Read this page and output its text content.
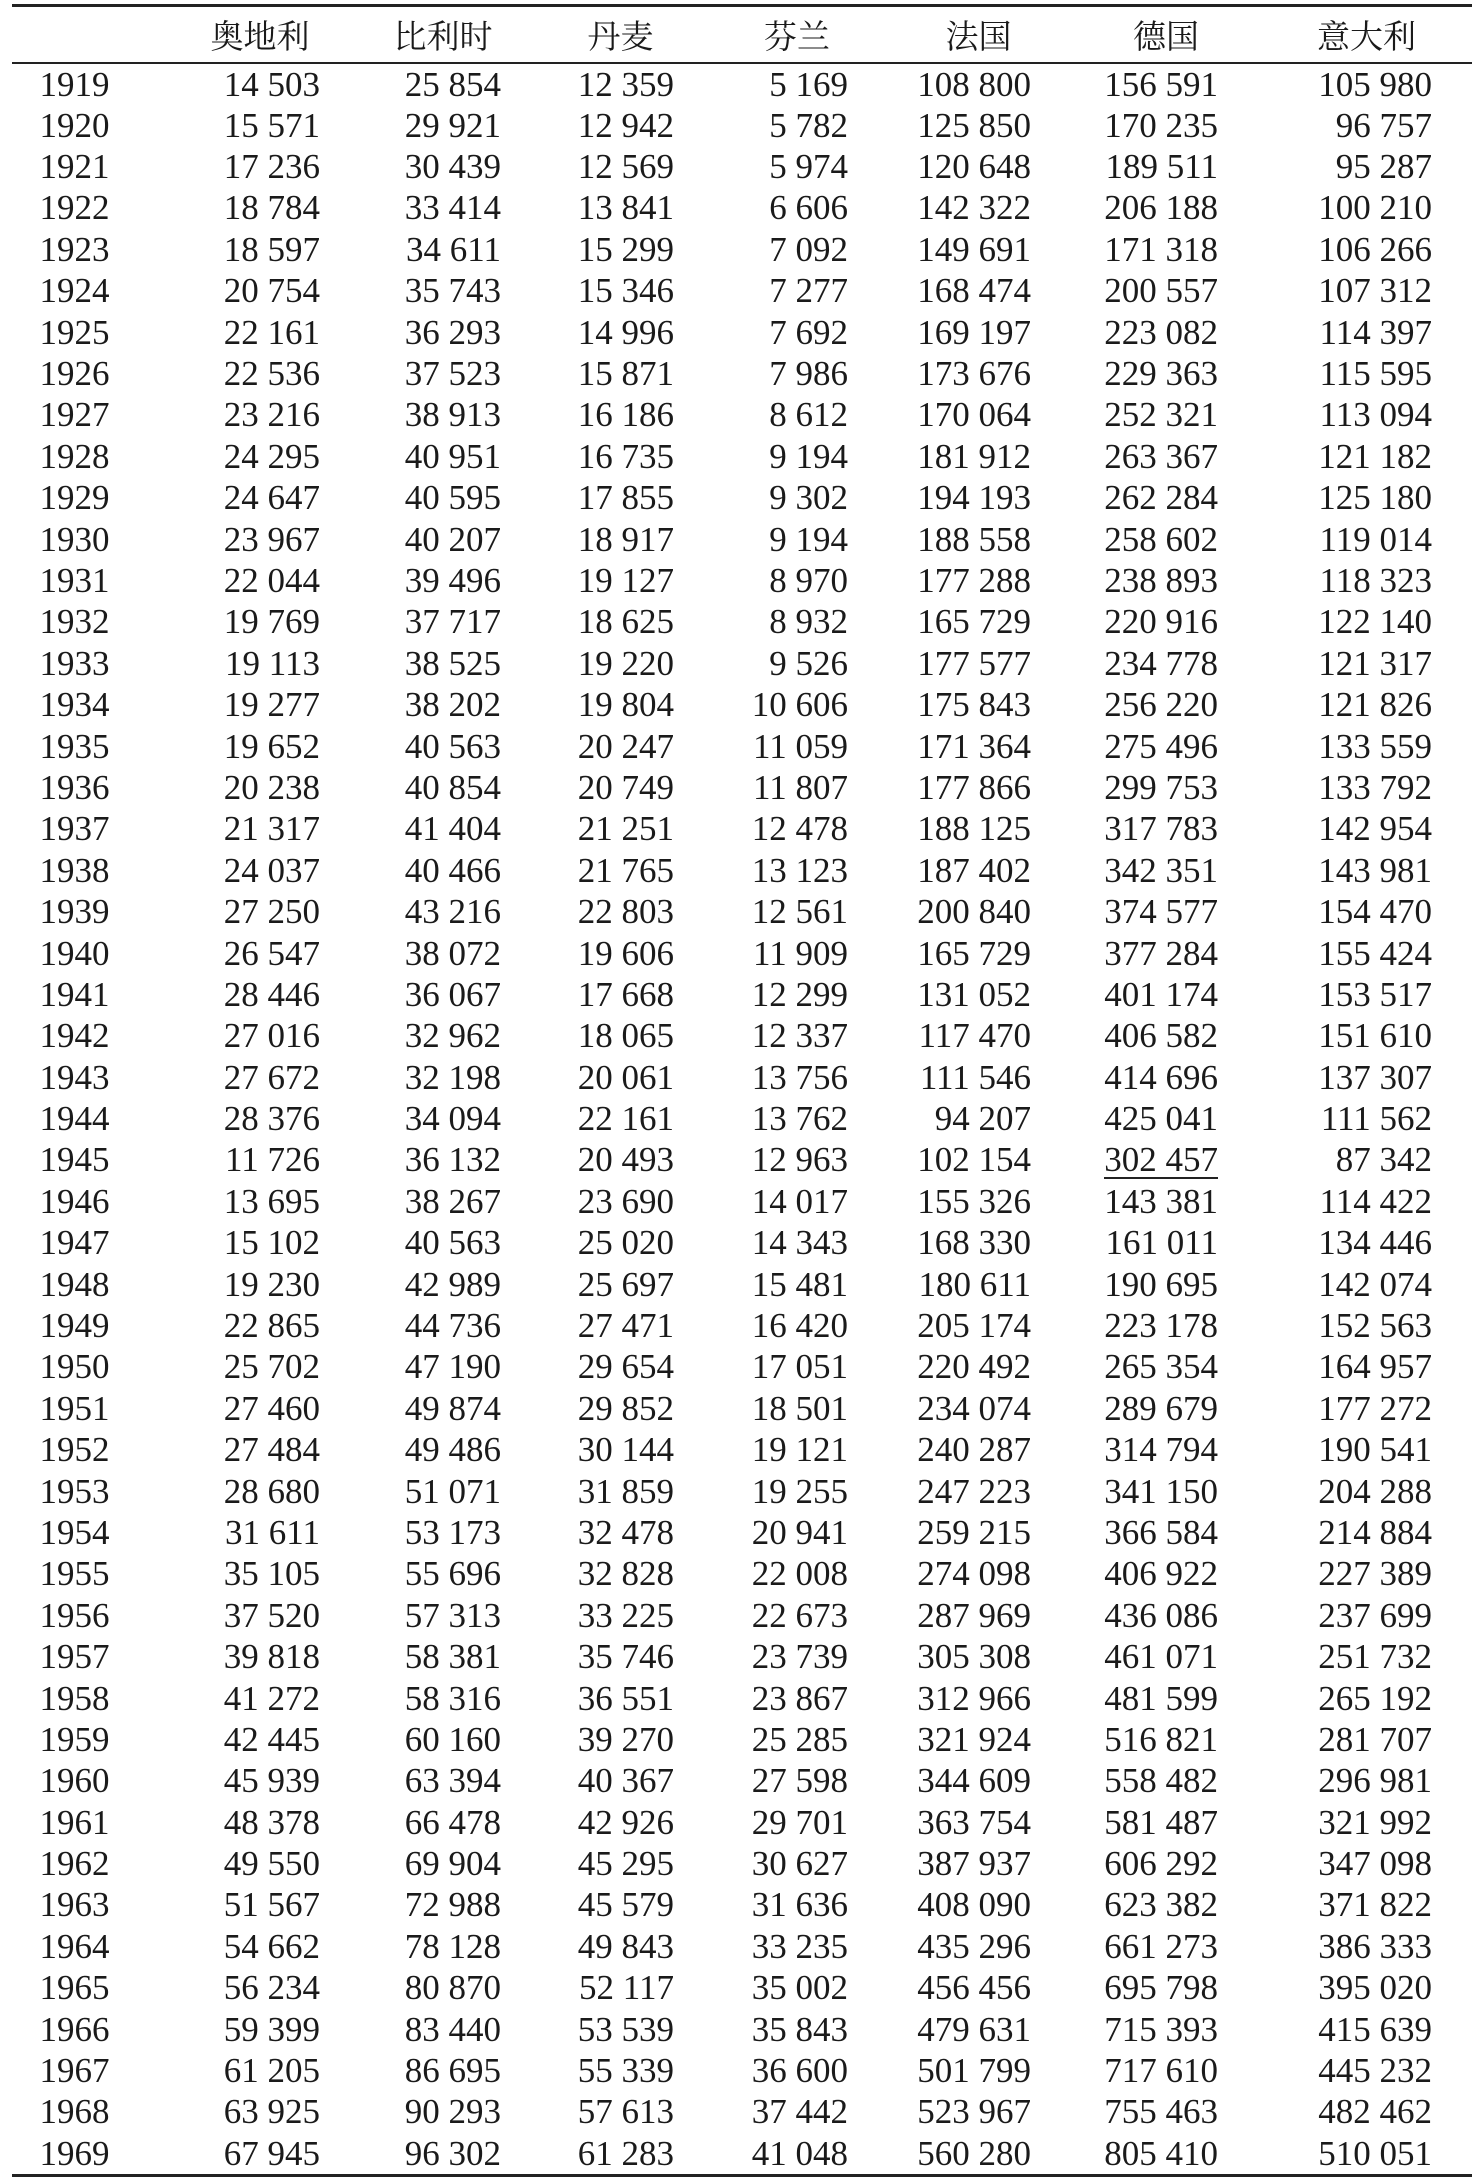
	奥地利	比利时	丹麦	芬兰	法国	德国	意大利
1919	14 503	25 854	12 359	5 169	108 800	156 591	105 980
1920	15 571	29 921	12 942	5 782	125 850	170 235	96 757
1921	17 236	30 439	12 569	5 974	120 648	189 511	95 287
1922	18 784	33 414	13 841	6 606	142 322	206 188	100 210
1923	18 597	34 611	15 299	7 092	149 691	171 318	106 266
1924	20 754	35 743	15 346	7 277	168 474	200 557	107 312
1925	22 161	36 293	14 996	7 692	169 197	223 082	114 397
1926	22 536	37 523	15 871	7 986	173 676	229 363	115 595
1927	23 216	38 913	16 186	8 612	170 064	252 321	113 094
1928	24 295	40 951	16 735	9 194	181 912	263 367	121 182
1929	24 647	40 595	17 855	9 302	194 193	262 284	125 180
1930	23 967	40 207	18 917	9 194	188 558	258 602	119 014
1931	22 044	39 496	19 127	8 970	177 288	238 893	118 323
1932	19 769	37 717	18 625	8 932	165 729	220 916	122 140
1933	19 113	38 525	19 220	9 526	177 577	234 778	121 317
1934	19 277	38 202	19 804	10 606	175 843	256 220	121 826
1935	19 652	40 563	20 247	11 059	171 364	275 496	133 559
1936	20 238	40 854	20 749	11 807	177 866	299 753	133 792
1937	21 317	41 404	21 251	12 478	188 125	317 783	142 954
1938	24 037	40 466	21 765	13 123	187 402	342 351	143 981
1939	27 250	43 216	22 803	12 561	200 840	374 577	154 470
1940	26 547	38 072	19 606	11 909	165 729	377 284	155 424
1941	28 446	36 067	17 668	12 299	131 052	401 174	153 517
1942	27 016	32 962	18 065	12 337	117 470	406 582	151 610
1943	27 672	32 198	20 061	13 756	111 546	414 696	137 307
1944	28 376	34 094	22 161	13 762	94 207	425 041	111 562
1945	11 726	36 132	20 493	12 963	102 154	302 457	87 342
1946	13 695	38 267	23 690	14 017	155 326	143 381	114 422
1947	15 102	40 563	25 020	14 343	168 330	161 011	134 446
1948	19 230	42 989	25 697	15 481	180 611	190 695	142 074
1949	22 865	44 736	27 471	16 420	205 174	223 178	152 563
1950	25 702	47 190	29 654	17 051	220 492	265 354	164 957
1951	27 460	49 874	29 852	18 501	234 074	289 679	177 272
1952	27 484	49 486	30 144	19 121	240 287	314 794	190 541
1953	28 680	51 071	31 859	19 255	247 223	341 150	204 288
1954	31 611	53 173	32 478	20 941	259 215	366 584	214 884
1955	35 105	55 696	32 828	22 008	274 098	406 922	227 389
1956	37 520	57 313	33 225	22 673	287 969	436 086	237 699
1957	39 818	58 381	35 746	23 739	305 308	461 071	251 732
1958	41 272	58 316	36 551	23 867	312 966	481 599	265 192
1959	42 445	60 160	39 270	25 285	321 924	516 821	281 707
1960	45 939	63 394	40 367	27 598	344 609	558 482	296 981
1961	48 378	66 478	42 926	29 701	363 754	581 487	321 992
1962	49 550	69 904	45 295	30 627	387 937	606 292	347 098
1963	51 567	72 988	45 579	31 636	408 090	623 382	371 822
1964	54 662	78 128	49 843	33 235	435 296	661 273	386 333
1965	56 234	80 870	52 117	35 002	456 456	695 798	395 020
1966	59 399	83 440	53 539	35 843	479 631	715 393	415 639
1967	61 205	86 695	55 339	36 600	501 799	717 610	445 232
1968	63 925	90 293	57 613	37 442	523 967	755 463	482 462
1969	67 945	96 302	61 283	41 048	560 280	805 410	510 051
